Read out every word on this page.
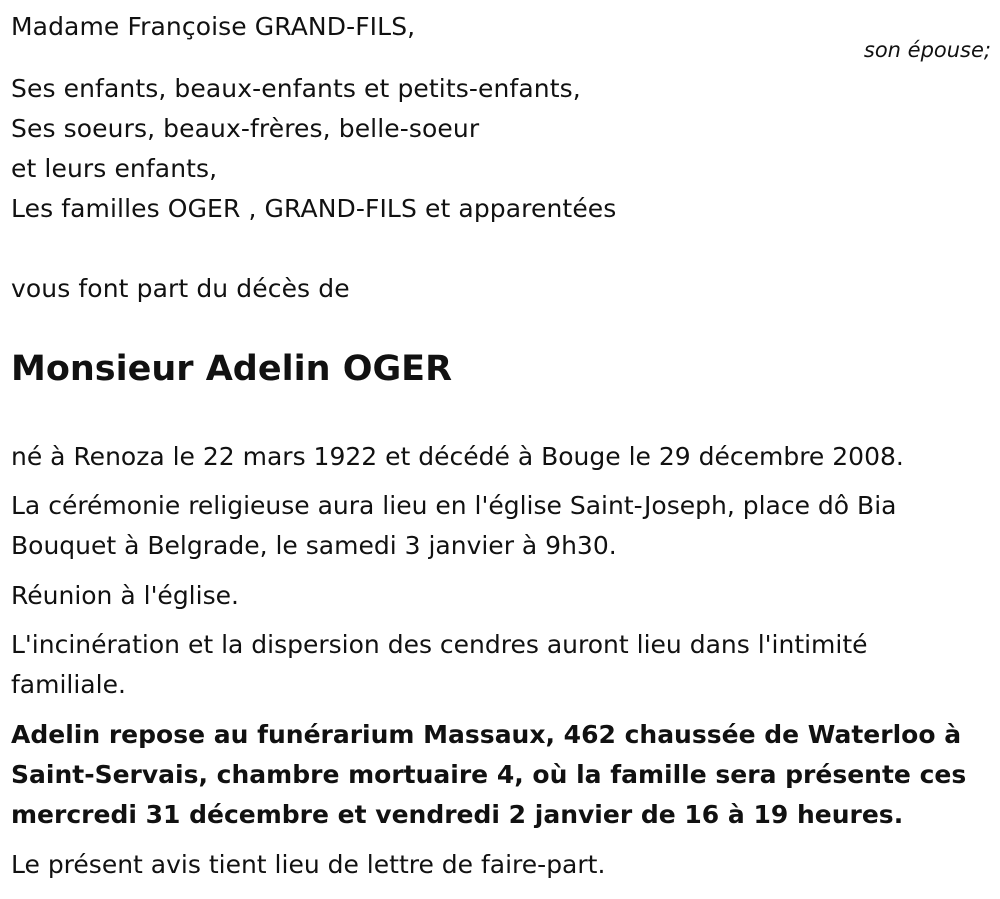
Madame Françoise GRAND-FILS,
son épouse;
Ses enfants, beaux-enfants et petits-enfants,
Ses soeurs, beaux-frères, belle-soeur
et leurs enfants,
Les familles OGER , GRAND-FILS et apparentées
vous font part du décès de
Monsieur Adelin OGER
né à Renoza le 22 mars 1922 et décédé à Bouge le 29 décembre 2008.
La cérémonie religieuse aura lieu en l'église Saint-Joseph, place dô Bia Bouquet à Belgrade, le samedi 3 janvier à 9h30.
Réunion à l'église.
L'incinération et la dispersion des cendres auront lieu dans l'intimité familiale.
Adelin repose au funérarium Massaux, 462 chaussée de Waterloo à Saint-Servais, chambre mortuaire 4, où la famille sera présente ces mercredi 31 décembre et vendredi 2 janvier de 16 à 19 heures.
Le présent avis tient lieu de lettre de faire-part.
